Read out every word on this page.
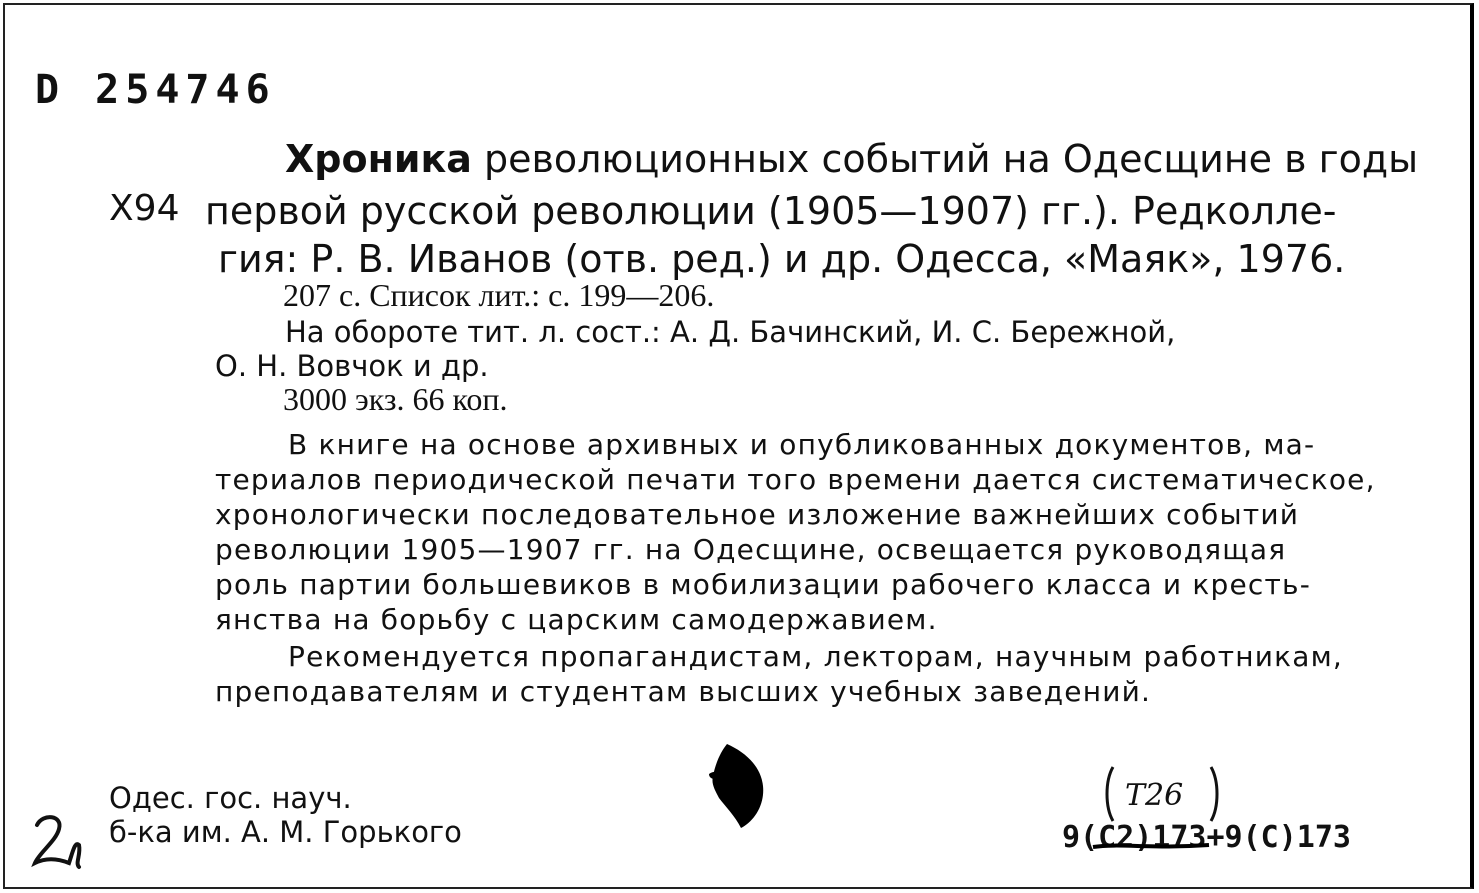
D 254746
X94
Хроника революционных событий на Одесщине в годы
первой русской революции (1905—1907) гг.). Редколле-
гия: Р. В. Иванов (отв. ред.) и др. Одесса, «Маяк», 1976.
207 с. Список лит.: с. 199—206.
На обороте тит. л. сост.: А. Д. Бачинский, И. С. Бережной,
О. Н. Вовчок и др.
3000 экз. 66 коп.
В книге на основе архивных и опубликованных документов, ма-
териалов периодической печати того времени дается систематическое,
хронологически последовательное изложение важнейших событий
революции 1905—1907 гг. на Одесщине, освещается руководящая
роль партии большевиков в мобилизации рабочего класса и кресть-
янства на борьбу с царским самодержавием.
Рекомендуется пропагандистам, лекторам, научным работникам,
преподавателям и студентам высших учебных заведений.
Одес. гос. науч.
б-ка им. А. М. Горького
Т26
9(С2)173+9(С)173
